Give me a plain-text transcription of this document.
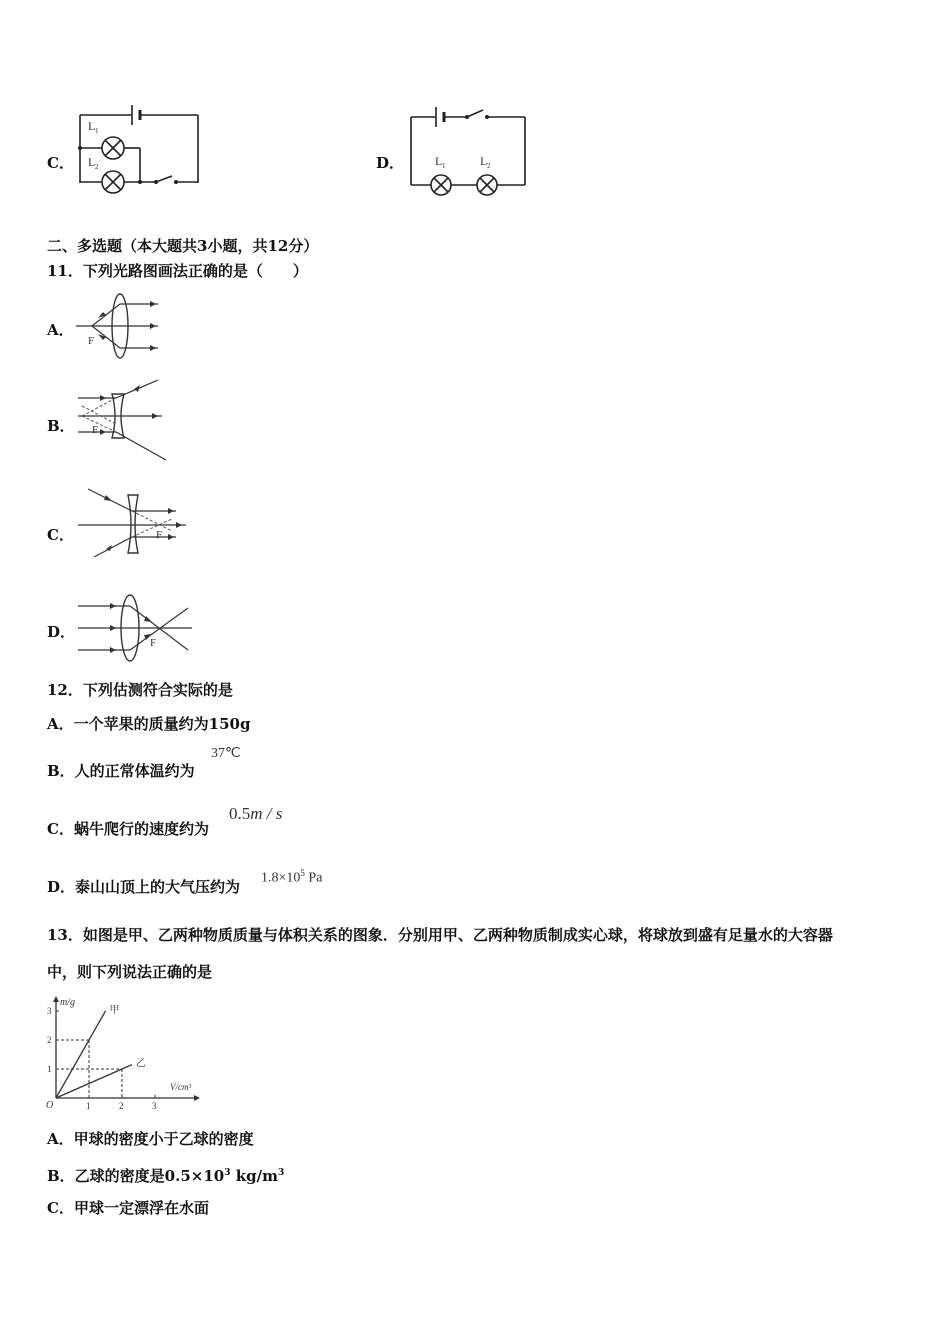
C．
L 1
L 2	D．	L 1	L 2
二、多选题（本大题共3小题，共12分）
11．下列光路图画法正确的是（　　）
A．
F
B． F
C．	F
D．
F
12．下列估测符合实际的是
A．一个苹果的质量约为150g
B．人的正常体温约为
37℃
C．蜗牛爬行的速度约为
0.5m / s
D．泰山山顶上的大气压约为 $1.8\times 10^5$ Pa
13．如图是甲、乙两种物质质量与体积关系的图象．分别用甲、乙两种物质制成实心球，将球放到盛有足量水的大容器
中，则下列说法正确的是
1	2	3
1
2
3	甲
乙
m/g
V/cm³
O
A．甲球的密度小于乙球的密度
B．乙球的密度是$0.5\times 10^3$ $kg/m^3$
C．甲球一定漂浮在水面
